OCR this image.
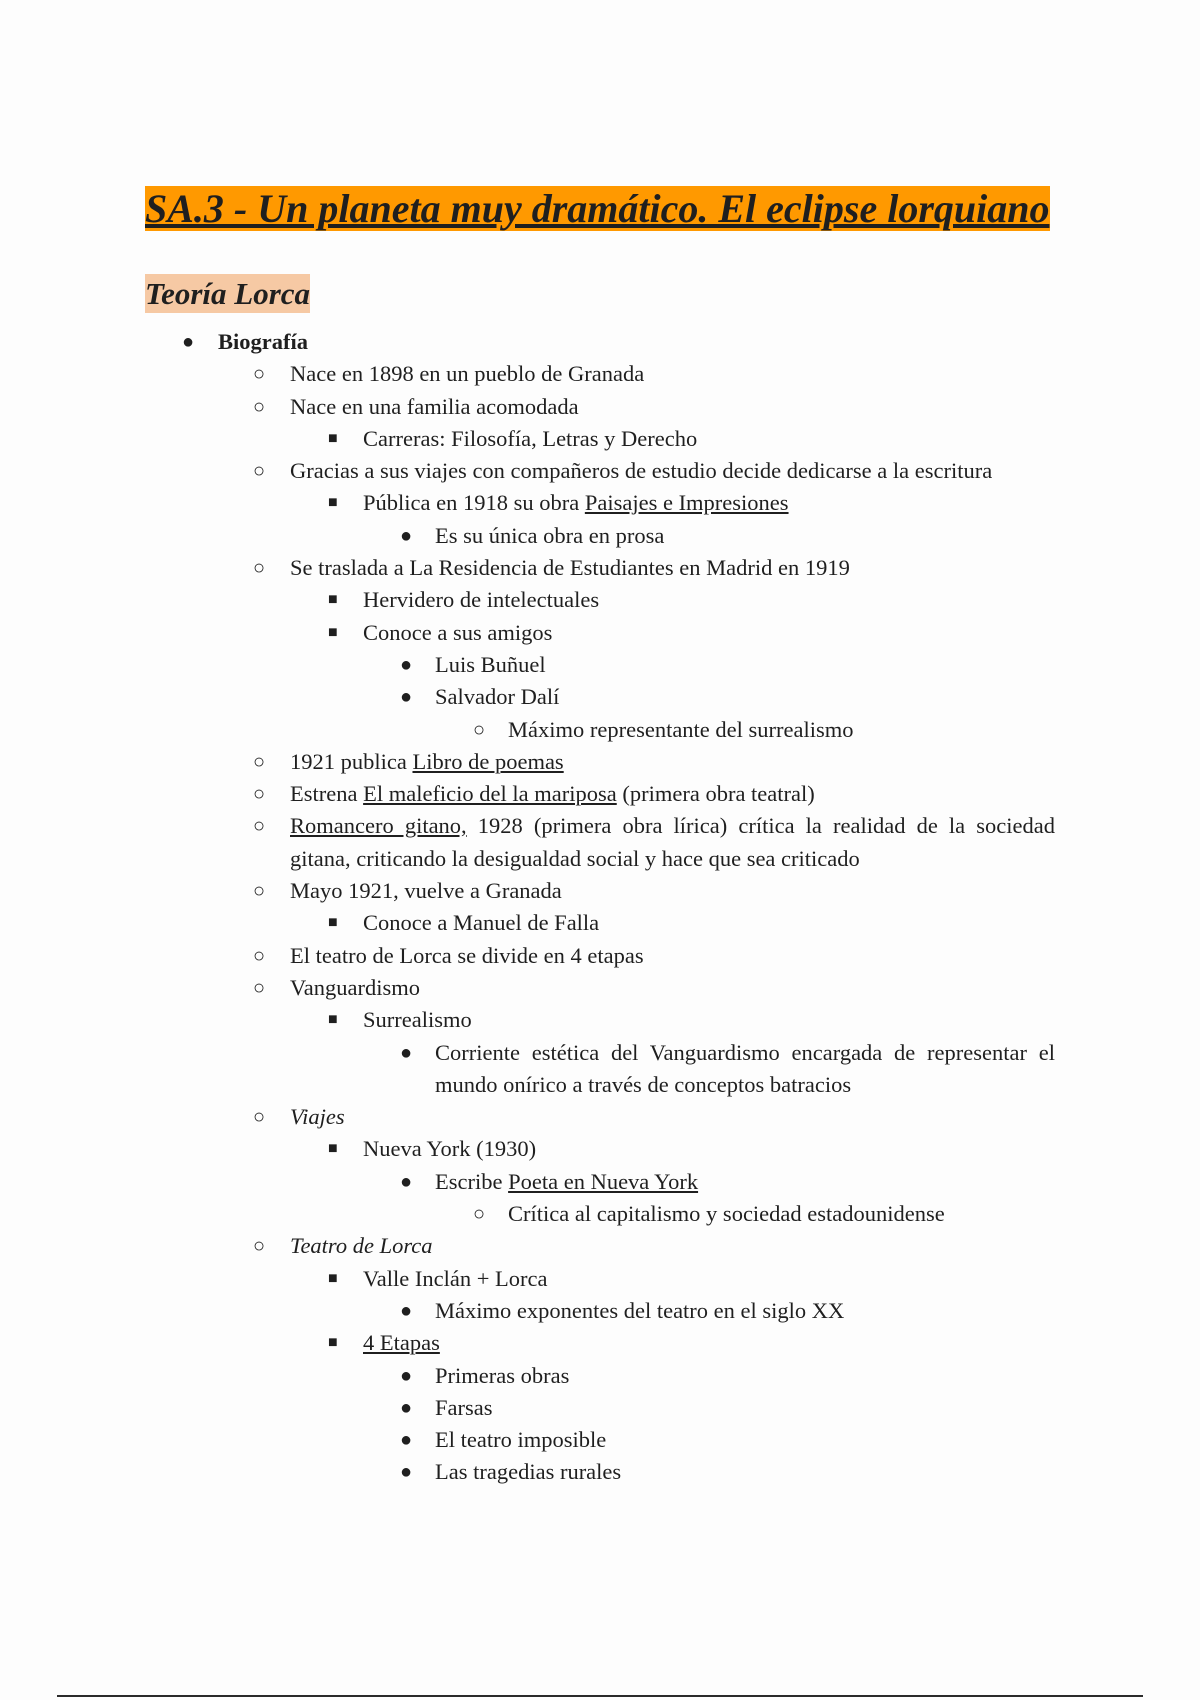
SA.3 - Un planeta muy dramático. El eclipse lorquiano
Teoría Lorca
● Biografía
○ Nace en 1898 en un pueblo de Granada
○ Nace en una familia acomodada
■ Carreras: Filosofía, Letras y Derecho
○ Gracias a sus viajes con compañeros de estudio decide dedicarse a la escritura
■ Pública en 1918 su obra Paisajes e Impresiones
● Es su única obra en prosa
○ Se traslada a La Residencia de Estudiantes en Madrid en 1919
■ Hervidero de intelectuales
■ Conoce a sus amigos
● Luis Buñuel
● Salvador Dalí
○ Máximo representante del surrealismo
○ 1921 publica Libro de poemas
○ Estrena El maleficio del la mariposa (primera obra teatral)
○ Romancero gitano, 1928 (primera obra lírica) crítica la realidad de la sociedad gitana, criticando la desigualdad social y hace que sea criticado
○ Mayo 1921, vuelve a Granada
■ Conoce a Manuel de Falla
○ El teatro de Lorca se divide en 4 etapas
○ Vanguardismo
■ Surrealismo
● Corriente estética del Vanguardismo encargada de representar el mundo onírico a través de conceptos batracios
○ Viajes
■ Nueva York (1930)
● Escribe Poeta en Nueva York
○ Crítica al capitalismo y sociedad estadounidense
○ Teatro de Lorca
■ Valle Inclán + Lorca
● Máximo exponentes del teatro en el siglo XX
■ 4 Etapas
● Primeras obras
● Farsas
● El teatro imposible
● Las tragedias rurales
